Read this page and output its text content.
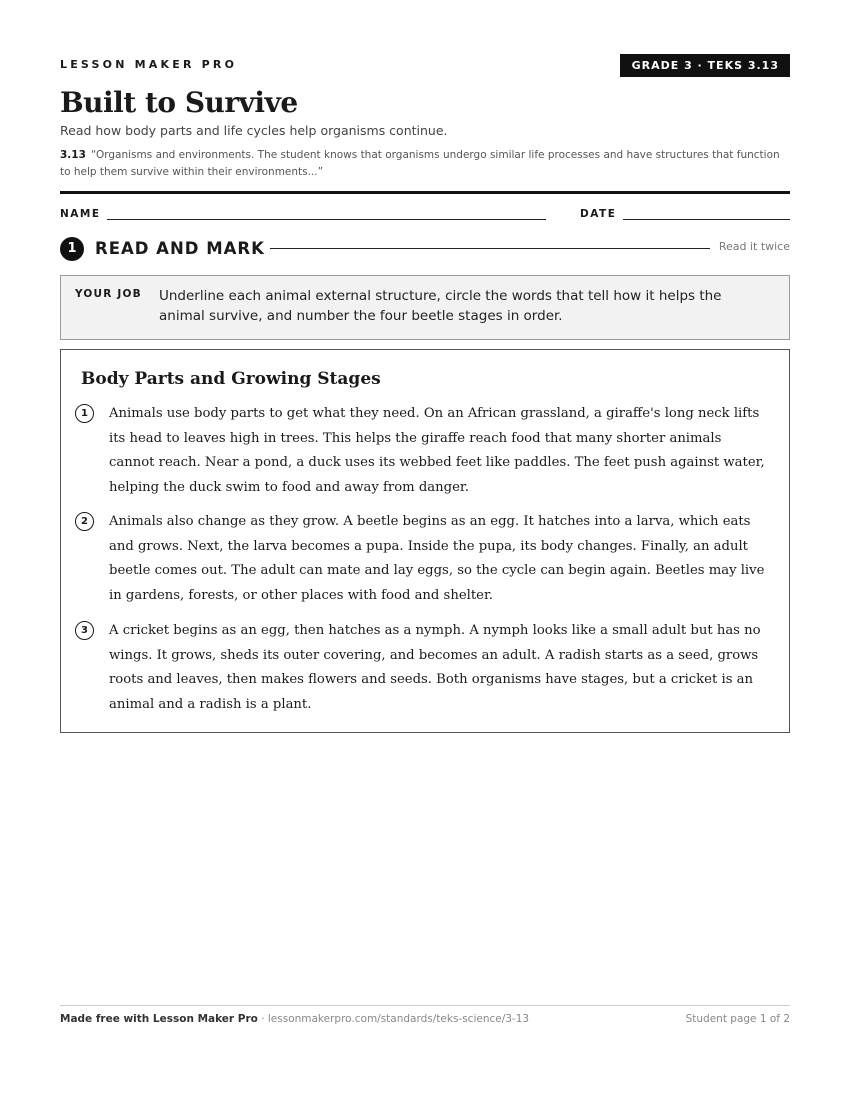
LESSON MAKER PRO	GRADE 3 · TEKS 3.13
Built to Survive
Read how body parts and life cycles help organisms continue.
3.13 “Organisms and environments. The student knows that organisms undergo similar life processes and have structures that function to help them survive within their environments...”
NAME	DATE
1	READ AND MARK	Read it twice
YOUR JOB Underline each animal external structure, circle the words that tell how it helps the animal survive, and number the four beetle stages in order.
Body Parts and Growing Stages
1	Animals use body parts to get what they need. On an African grassland, a giraffe's long neck lifts its head to leaves high in trees. This helps the giraffe reach food that many shorter animals cannot reach. Near a pond, a duck uses its webbed feet like paddles. The feet push against water, helping the duck swim to food and away from danger.
2	Animals also change as they grow. A beetle begins as an egg. It hatches into a larva, which eats and grows. Next, the larva becomes a pupa. Inside the pupa, its body changes. Finally, an adult beetle comes out. The adult can mate and lay eggs, so the cycle can begin again. Beetles may live in gardens, forests, or other places with food and shelter.
3	A cricket begins as an egg, then hatches as a nymph. A nymph looks like a small adult but has no wings. It grows, sheds its outer covering, and becomes an adult. A radish starts as a seed, grows roots and leaves, then makes flowers and seeds. Both organisms have stages, but a cricket is an animal and a radish is a plant.
Made free with Lesson Maker Pro · lessonmakerpro.com/standards/teks-science/3-13	Student page 1 of 2
